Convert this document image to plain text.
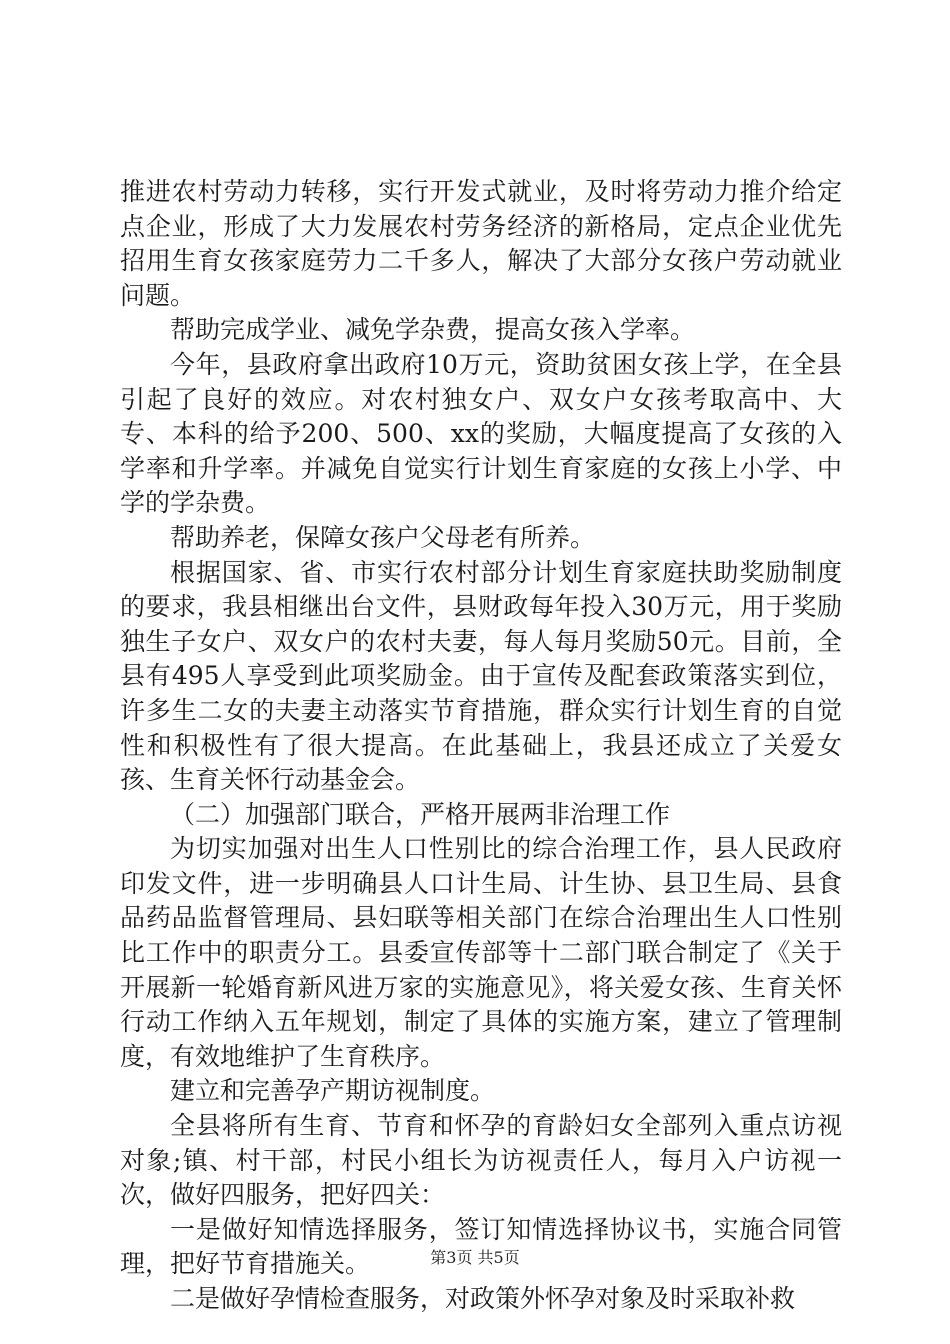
推进农村劳动力转移，实行开发式就业，及时将劳动力推介给定点企业，形成了大力发展农村劳务经济的新格局，定点企业优先招用生育女孩家庭劳力二千多人，解决了大部分女孩户劳动就业问题。

帮助完成学业、减免学杂费，提高女孩入学率。

今年，县政府拿出政府10万元，资助贫困女孩上学，在全县引起了良好的效应。对农村独女户、双女户女孩考取高中、大专、本科的给予200、500、xx的奖励，大幅度提高了女孩的入学率和升学率。并减免自觉实行计划生育家庭的女孩上小学、中学的学杂费。

帮助养老，保障女孩户父母老有所养。

根据国家、省、市实行农村部分计划生育家庭扶助奖励制度的要求，我县相继出台文件，县财政每年投入30万元，用于奖励独生子女户、双女户的农村夫妻，每人每月奖励50元。目前，全县有495人享受到此项奖励金。由于宣传及配套政策落实到位，许多生二女的夫妻主动落实节育措施，群众实行计划生育的自觉性和积极性有了很大提高。在此基础上，我县还成立了关爱女孩、生育关怀行动基金会。

（二）加强部门联合，严格开展两非治理工作

为切实加强对出生人口性别比的综合治理工作，县人民政府印发文件，进一步明确县人口计生局、计生协、县卫生局、县食品药品监督管理局、县妇联等相关部门在综合治理出生人口性别比工作中的职责分工。县委宣传部等十二部门联合制定了《关于开展新一轮婚育新风进万家的实施意见》，将关爱女孩、生育关怀行动工作纳入五年规划，制定了具体的实施方案，建立了管理制度，有效地维护了生育秩序。

建立和完善孕产期访视制度。

全县将所有生育、节育和怀孕的育龄妇女全部列入重点访视对象;镇、村干部，村民小组长为访视责任人，每月入户访视一次，做好四服务，把好四关：

一是做好知情选择服务，签订知情选择协议书，实施合同管理，把好节育措施关。

二是做好孕情检查服务，对政策外怀孕对象及时采取补救

第3页 共5页
